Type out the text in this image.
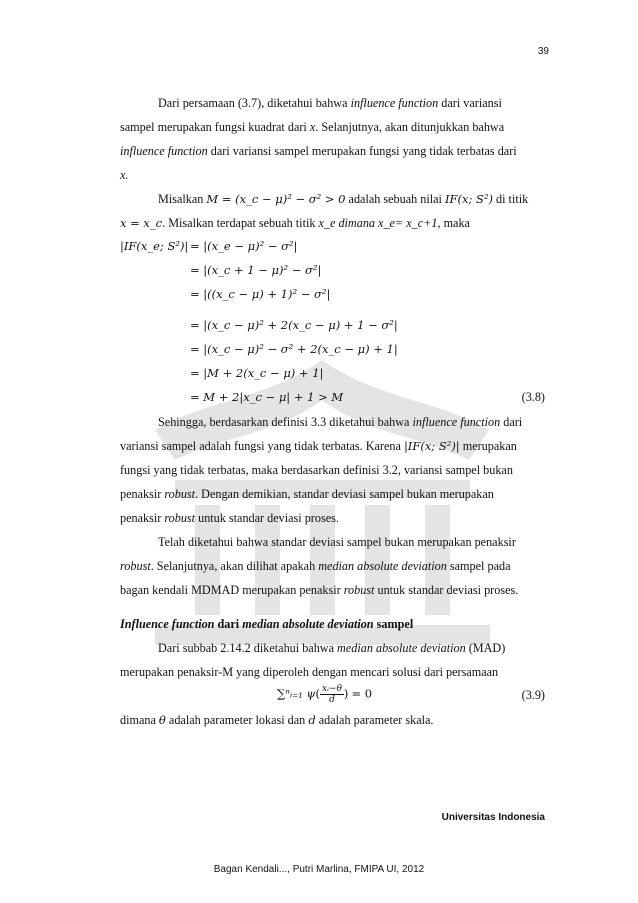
39
Dari persamaan (3.7), diketahui bahwa influence function dari variansi
sampel merupakan fungsi kuadrat dari x. Selanjutnya, akan ditunjukkan bahwa
influence function dari variansi sampel merupakan fungsi yang tidak terbatas dari
x.
Misalkan M = (x_c − μ)² − σ² > 0 adalah sebuah nilai IF(x; S²) di titik
x = x_c. Misalkan terdapat sebuah titik x_e dimana x_e= x_c+1, maka
|IF(x_e; S²)| = |(x_e − μ)² − σ²|
= |(x_c + 1 − μ)² − σ²|
= |((x_c − μ) + 1)² − σ²|
= |(x_c − μ)² + 2(x_c − μ) + 1 − σ²|
= |(x_c − μ)² − σ² + 2(x_c − μ) + 1|
= |M + 2(x_c − μ) + 1|
= M + 2|x_c − μ| + 1 > M	(3.8)
Sehingga, berdasarkan definisi 3.3 diketahui bahwa influence function dari
variansi sampel adalah fungsi yang tidak terbatas. Karena |IF(x; S²)| merupakan
fungsi yang tidak terbatas, maka berdasarkan definisi 3.2, variansi sampel bukan
penaksir robust. Dengan demikian, standar deviasi sampel bukan merupakan
penaksir robust untuk standar deviasi proses.
Telah diketahui bahwa standar deviasi sampel bukan merupakan penaksir
robust. Selanjutnya, akan dilihat apakah median absolute deviation sampel pada
bagan kendali MDMAD merupakan penaksir robust untuk standar deviasi proses.
Influence function dari median absolute deviation sampel
Dari subbab 2.14.2 diketahui bahwa median absolute deviation (MAD)
merupakan penaksir-M yang diperoleh dengan mencari solusi dari persamaan
∑ⁿᵢ₌₁ $\psi( \frac{\text{xᵢ−θ}}{d}$ ) = 0	(3.9)
dimana θ adalah parameter lokasi dan d adalah parameter skala.
Universitas Indonesia
Bagan Kendali..., Putri Marlina, FMIPA UI, 2012
